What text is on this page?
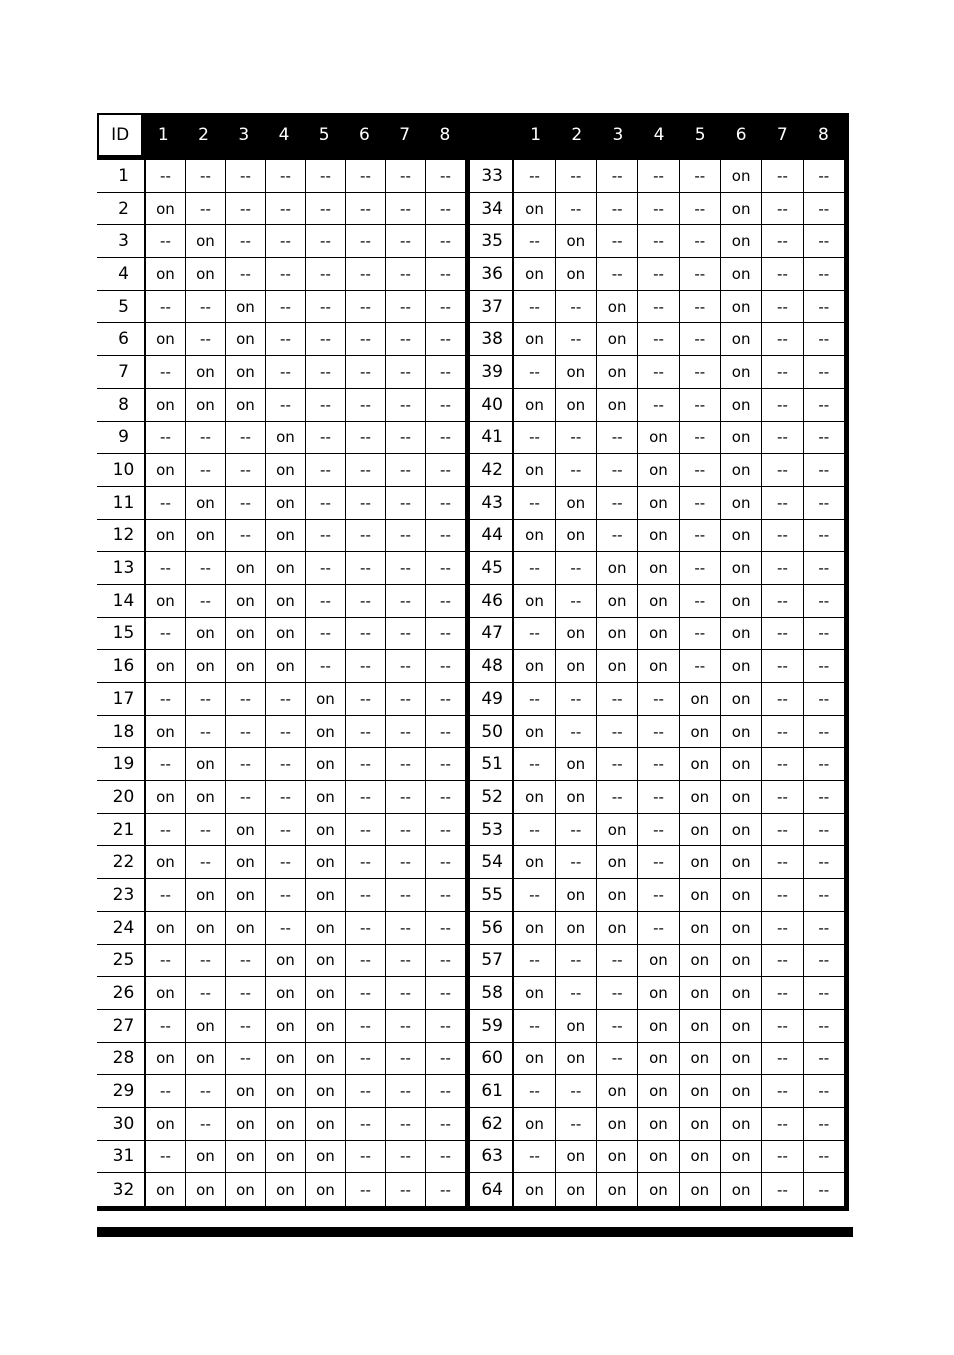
ID	1	2	3	4	5	6	7	8
1	--	--	--	--	--	--	--	--
2	on	--	--	--	--	--	--	--
3	--	on	--	--	--	--	--	--
4	on	on	--	--	--	--	--	--
5	--	--	on	--	--	--	--	--
6	on	--	on	--	--	--	--	--
7	--	on	on	--	--	--	--	--
8	on	on	on	--	--	--	--	--
9	--	--	--	on	--	--	--	--
10	on	--	--	on	--	--	--	--
11	--	on	--	on	--	--	--	--
12	on	on	--	on	--	--	--	--
13	--	--	on	on	--	--	--	--
14	on	--	on	on	--	--	--	--
15	--	on	on	on	--	--	--	--
16	on	on	on	on	--	--	--	--
17	--	--	--	--	on	--	--	--
18	on	--	--	--	on	--	--	--
19	--	on	--	--	on	--	--	--
20	on	on	--	--	on	--	--	--
21	--	--	on	--	on	--	--	--
22	on	--	on	--	on	--	--	--
23	--	on	on	--	on	--	--	--
24	on	on	on	--	on	--	--	--
25	--	--	--	on	on	--	--	--
26	on	--	--	on	on	--	--	--
27	--	on	--	on	on	--	--	--
28	on	on	--	on	on	--	--	--
29	--	--	on	on	on	--	--	--
30	on	--	on	on	on	--	--	--
31	--	on	on	on	on	--	--	--
32	on	on	on	on	on	--	--	--
1	2	3	4	5	6	7	8
33	--	--	--	--	--	on	--	--
34	on	--	--	--	--	on	--	--
35	--	on	--	--	--	on	--	--
36	on	on	--	--	--	on	--	--
37	--	--	on	--	--	on	--	--
38	on	--	on	--	--	on	--	--
39	--	on	on	--	--	on	--	--
40	on	on	on	--	--	on	--	--
41	--	--	--	on	--	on	--	--
42	on	--	--	on	--	on	--	--
43	--	on	--	on	--	on	--	--
44	on	on	--	on	--	on	--	--
45	--	--	on	on	--	on	--	--
46	on	--	on	on	--	on	--	--
47	--	on	on	on	--	on	--	--
48	on	on	on	on	--	on	--	--
49	--	--	--	--	on	on	--	--
50	on	--	--	--	on	on	--	--
51	--	on	--	--	on	on	--	--
52	on	on	--	--	on	on	--	--
53	--	--	on	--	on	on	--	--
54	on	--	on	--	on	on	--	--
55	--	on	on	--	on	on	--	--
56	on	on	on	--	on	on	--	--
57	--	--	--	on	on	on	--	--
58	on	--	--	on	on	on	--	--
59	--	on	--	on	on	on	--	--
60	on	on	--	on	on	on	--	--
61	--	--	on	on	on	on	--	--
62	on	--	on	on	on	on	--	--
63	--	on	on	on	on	on	--	--
64	on	on	on	on	on	on	--	--
